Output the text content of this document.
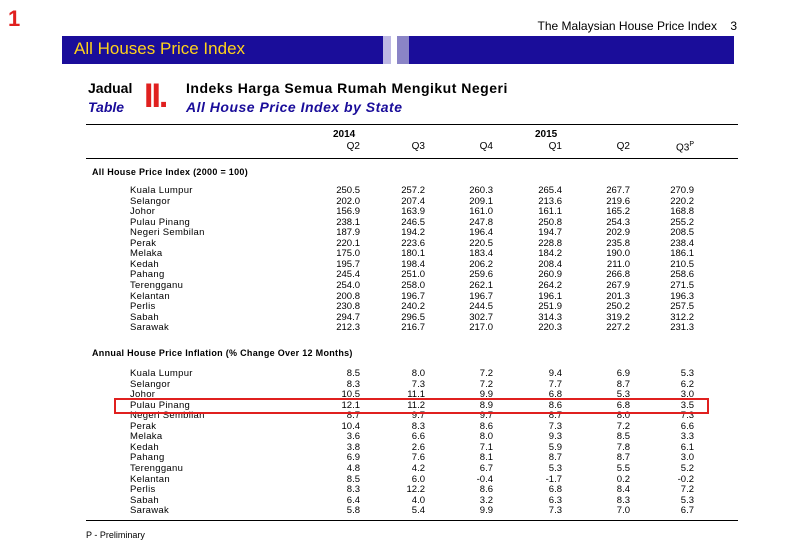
1	The Malaysian House Price Index 3
All Houses Price Index
Jadual
Table II. Indeks Harga Semua Rumah Mengikut Negeri
All House Price Index by State
2014	2015
Q2	Q3	Q4	Q1	Q2	$Q3^P$
All House Price Index (2000 = 100)
Kuala Lumpur	250.5	257.2	260.3	265.4	267.7	270.9
Selangor	202.0	207.4	209.1	213.6	219.6	220.2
Johor	156.9	163.9	161.0	161.1	165.2	168.8
Pulau Pinang	238.1	246.5	247.8	250.8	254.3	255.2
Negeri Sembilan	187.9	194.2	196.4	194.7	202.9	208.5
Perak	220.1	223.6	220.5	228.8	235.8	238.4
Melaka	175.0	180.1	183.4	184.2	190.0	186.1
Kedah	195.7	198.4	206.2	208.4	211.0	210.5
Pahang	245.4	251.0	259.6	260.9	266.8	258.6
Terengganu	254.0	258.0	262.1	264.2	267.9	271.5
Kelantan	200.8	196.7	196.7	196.1	201.3	196.3
Perlis	230.8	240.2	244.5	251.9	250.2	257.5
Sabah	294.7	296.5	302.7	314.3	319.2	312.2
Sarawak	212.3	216.7	217.0	220.3	227.2	231.3
Annual House Price Inflation (% Change Over 12 Months)
Kuala Lumpur	8.5	8.0	7.2	9.4	6.9	5.3
Selangor	8.3	7.3	7.2	7.7	8.7	6.2
Johor	10.5	11.1	9.9	6.8	5.3	3.0
Pulau Pinang	12.1	11.2	8.9	8.6	6.8	3.5
Negeri Sembilan	8.7	9.7	9.7	8.7	8.0	7.3
Perak	10.4	8.3	8.6	7.3	7.2	6.6
Melaka	3.6	6.6	8.0	9.3	8.5	3.3
Kedah	3.8	2.6	7.1	5.9	7.8	6.1
Pahang	6.9	7.6	8.1	8.7	8.7	3.0
Terengganu	4.8	4.2	6.7	5.3	5.5	5.2
Kelantan	8.5	6.0	-0.4	-1.7	0.2	-0.2
Perlis	8.3	12.2	8.6	6.8	8.4	7.2
Sabah	6.4	4.0	3.2	6.3	8.3	5.3
Sarawak	5.8	5.4	9.9	7.3	7.0	6.7
P - Preliminary
